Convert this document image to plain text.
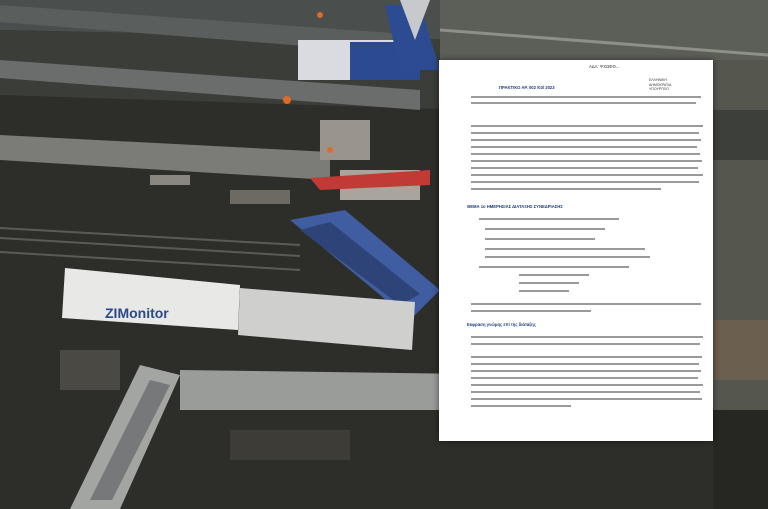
ZIMonitor
ΑΔΑ: ΨΧΩΦΘ...
ΕΛΛΗΝΙΚΗ
ΔΗΜΟΚΡΑΤΙΑ
ΥΠΟΥΡΓΕΙΟ
ΠΡΑΚΤΙΚΟ ΑΡ. 002 /03/ 2023
ΘΕΜΑ 1ο ΗΜΕΡΗΣΙΑΣ ΔΙΑΤΑΞΗΣ ΣΥΝΕΔΡΙΑΣΗΣ
Εκφραση γνώμης επί της διάταξης
